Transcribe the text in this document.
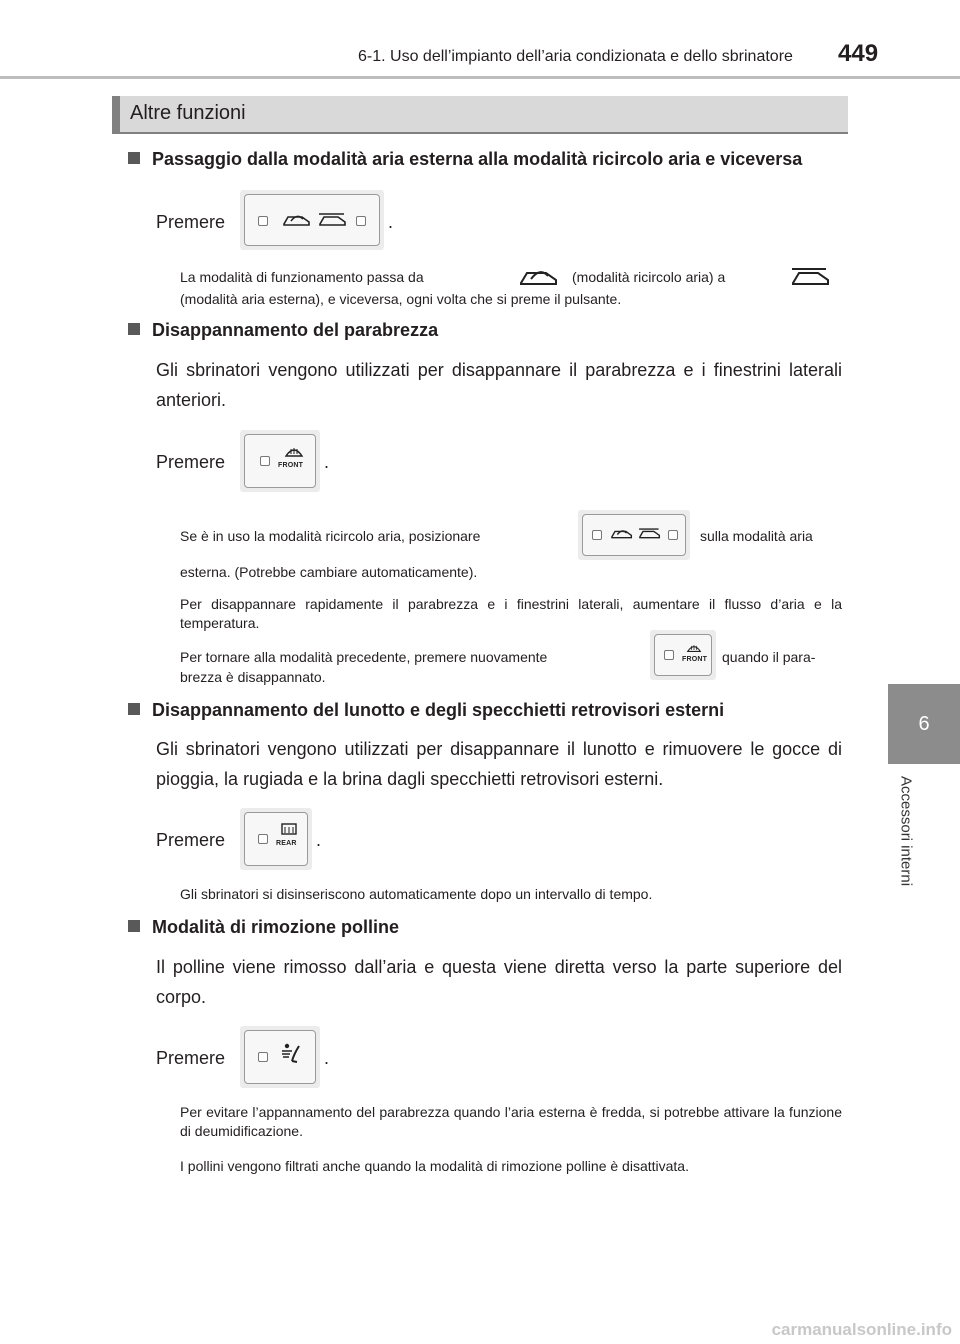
6-1. Uso dell’impianto dell’aria condizionata e dello sbrinatore 449
6
Accessori interni
Altre funzioni
Passaggio dalla modalità aria esterna alla modalità ricircolo aria e viceversa
Premere	.
La modalità di funzionamento passa da	(modalità ricircolo aria) a
(modalità aria esterna), e viceversa, ogni volta che si preme il pulsante.
Disappannamento del parabrezza
Gli sbrinatori vengono utilizzati per disappannare il parabrezza e i finestrini laterali anteriori.
Premere	FRONT .
Se è in uso la modalità ricircolo aria, posizionare	sulla modalità aria
esterna. (Potrebbe cambiare automaticamente).
Per disappannare rapidamente il parabrezza e i finestrini laterali, aumentare il flusso d’aria e la temperatura.
Per tornare alla modalità precedente, premere nuovamente	FRONT quando il para-
brezza è disappannato.
Disappannamento del lunotto e degli specchietti retrovisori esterni
Gli sbrinatori vengono utilizzati per disappannare il lunotto e rimuovere le gocce di pioggia, la rugiada e la brina dagli specchietti retrovisori esterni.
Premere	REAR .
Gli sbrinatori si disinseriscono automaticamente dopo un intervallo di tempo.
Modalità di rimozione polline
Il polline viene rimosso dall’aria e questa viene diretta verso la parte superiore del corpo.
Premere	.
Per evitare l’appannamento del parabrezza quando l’aria esterna è fredda, si potrebbe attivare la funzione di deumidificazione.
I pollini vengono filtrati anche quando la modalità di rimozione polline è disattivata.
carmanualsonline.info
